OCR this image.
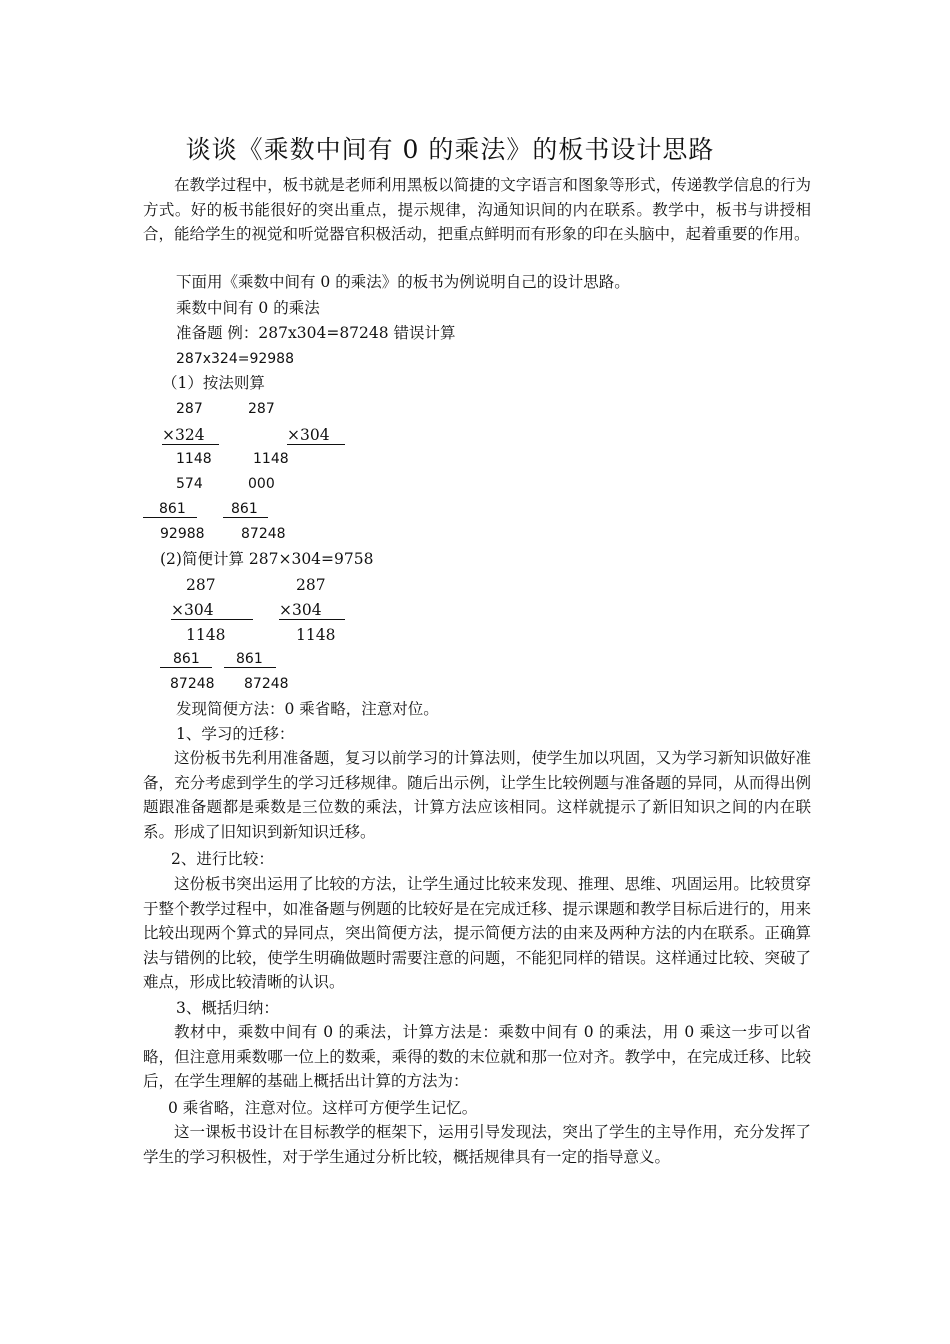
谈谈《乘数中间有 0 的乘法》的板书设计思路
在教学过程中，板书就是老师利用黑板以简捷的文字语言和图象等形式，传递教学信息的行为方式。好的板书能很好的突出重点，提示规律，沟通知识间的内在联系。教学中，板书与讲授相合，能给学生的视觉和听觉器官积极活动，把重点鲜明而有形象的印在头脑中，起着重要的作用。
下面用《乘数中间有 0 的乘法》的板书为例说明自己的设计思路。
乘数中间有 0 的乘法
准备题 例：287x304=87248 错误计算
287x324=92988
（1）按法则算
287	287
×324	×304
1148	1148
574	000
861	861
92988	87248
(2)简便计算 287×304=9758
287	287
×304	×304
1148	1148
861	861
87248 87248
发现简便方法：0 乘省略，注意对位。
1、学习的迁移：
这份板书先利用准备题，复习以前学习的计算法则，使学生加以巩固，又为学习新知识做好准备，充分考虑到学生的学习迁移规律。随后出示例，让学生比较例题与准备题的异同，从而得出例题跟准备题都是乘数是三位数的乘法，计算方法应该相同。这样就提示了新旧知识之间的内在联系。形成了旧知识到新知识迁移。
2、进行比较：
这份板书突出运用了比较的方法，让学生通过比较来发现、推理、思维、巩固运用。比较贯穿于整个教学过程中，如准备题与例题的比较好是在完成迁移、提示课题和教学目标后进行的，用来比较出现两个算式的异同点，突出简便方法，提示简便方法的由来及两种方法的内在联系。正确算法与错例的比较，使学生明确做题时需要注意的问题，不能犯同样的错误。这样通过比较、突破了难点，形成比较清晰的认识。
3、概括归纳：
教材中，乘数中间有 0 的乘法，计算方法是：乘数中间有 0 的乘法，用 0 乘这一步可以省略，但注意用乘数哪一位上的数乘，乘得的数的末位就和那一位对齐。教学中，在完成迁移、比较后，在学生理解的基础上概括出计算的方法为：
0 乘省略，注意对位。这样可方便学生记忆。
这一课板书设计在目标教学的框架下，运用引导发现法，突出了学生的主导作用，充分发挥了学生的学习积极性，对于学生通过分析比较，概括规律具有一定的指导意义。
